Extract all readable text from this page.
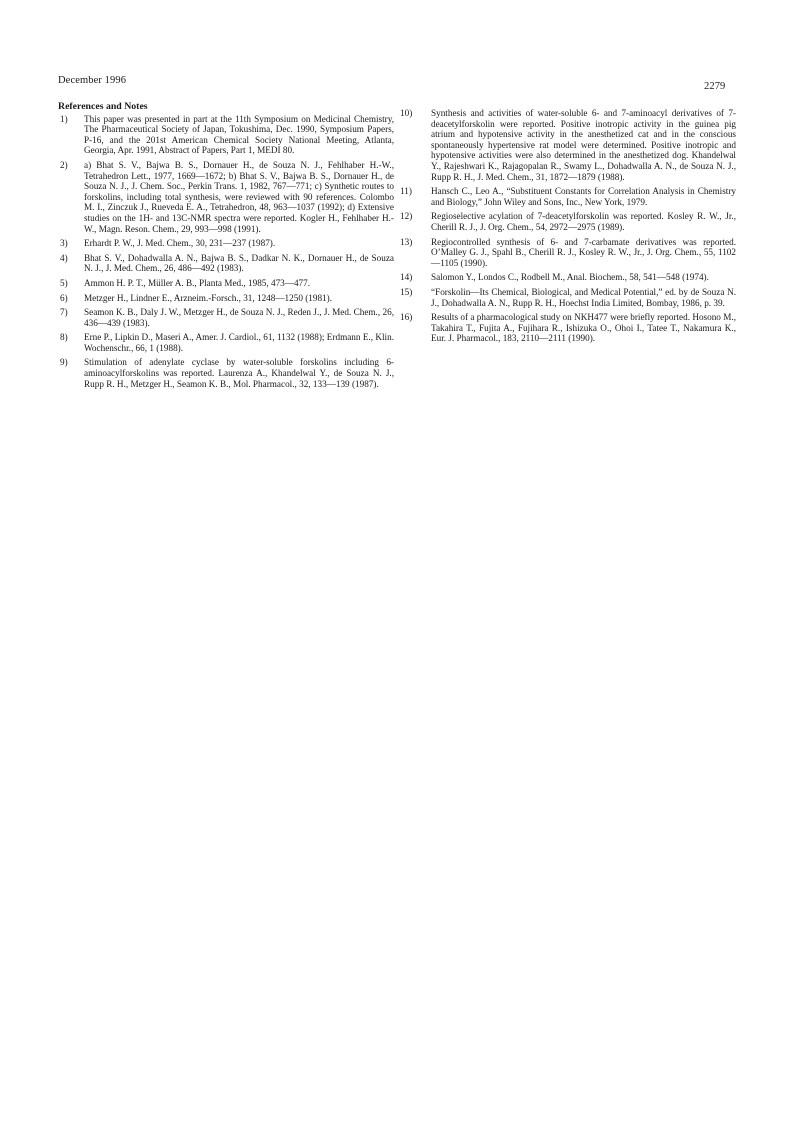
December 1996
2279
References and Notes
1)	This paper was presented in part at the 11th Symposium on Medicinal Chemistry, The Pharmaceutical Society of Japan, Tokushima, Dec. 1990, Symposium Papers, P-16, and the 201st American Chemical Society National Meeting, Atlanta, Georgia, Apr. 1991, Abstract of Papers, Part 1, MEDI 80.
2)	a) Bhat S. V., Bajwa B. S., Dornauer H., de Souza N. J., Fehlhaber H.-W., Tetrahedron Lett., 1977, 1669—1672; b) Bhat S. V., Bajwa B. S., Dornauer H., de Souza N. J., J. Chem. Soc., Perkin Trans. 1, 1982, 767—771; c) Synthetic routes to forskolins, including total synthesis, were reviewed with 90 references. Colombo M. I., Zinczuk J., Rueveda E. A., Tetrahedron, 48, 963—1037 (1992); d) Extensive studies on the 1H- and 13C-NMR spectra were reported. Kogler H., Fehlhaber H.-W., Magn. Reson. Chem., 29, 993—998 (1991).
3)	Erhardt P. W., J. Med. Chem., 30, 231—237 (1987).
4)	Bhat S. V., Dohadwalla A. N., Bajwa B. S., Dadkar N. K., Dornauer H., de Souza N. J., J. Med. Chem., 26, 486—492 (1983).
5)	Ammon H. P. T., Müller A. B., Planta Med., 1985, 473—477.
6)	Metzger H., Lindner E., Arzneim.-Forsch., 31, 1248—1250 (1981).
7)	Seamon K. B., Daly J. W., Metzger H., de Souza N. J., Reden J., J. Med. Chem., 26, 436—439 (1983).
8)	Erne P., Lipkin D., Maseri A., Amer. J. Cardiol., 61, 1132 (1988); Erdmann E., Klin. Wochenschr., 66, 1 (1988).
9)	Stimulation of adenylate cyclase by water-soluble forskolins including 6-aminoacylforskolins was reported. Laurenza A., Khandelwal Y., de Souza N. J., Rupp R. H., Metzger H., Seamon K. B., Mol. Pharmacol., 32, 133—139 (1987).
10)	Synthesis and activities of water-soluble 6- and 7-aminoacyl derivatives of 7-deacetylforskolin were reported. Positive inotropic activity in the guinea pig atrium and hypotensive activity in the anesthetized cat and in the conscious spontaneously hypertensive rat model were determined. Positive inotropic and hypotensive activities were also determined in the anesthetized dog. Khandelwal Y., Rajeshwari K., Rajagopalan R., Swamy L., Dohadwalla A. N., de Souza N. J., Rupp R. H., J. Med. Chem., 31, 1872—1879 (1988).
11)	Hansch C., Leo A., “Substituent Constants for Correlation Analysis in Chemistry and Biology,” John Wiley and Sons, Inc., New York, 1979.
12)	Regioselective acylation of 7-deacetylforskolin was reported. Kosley R. W., Jr., Cherill R. J., J. Org. Chem., 54, 2972—2975 (1989).
13)	Regiocontrolled synthesis of 6- and 7-carbamate derivatives was reported. O’Malley G. J., Spahl B., Cherill R. J., Kosley R. W., Jr., J. Org. Chem., 55, 1102—1105 (1990).
14)	Salomon Y., Londos C., Rodbell M., Anal. Biochem., 58, 541—548 (1974).
15)	“Forskolin—Its Chemical, Biological, and Medical Potential,” ed. by de Souza N. J., Dohadwalla A. N., Rupp R. H., Hoechst India Limited, Bombay, 1986, p. 39.
16)	Results of a pharmacological study on NKH477 were briefly reported. Hosono M., Takahira T., Fujita A., Fujihara R., Ishizuka O., Ohoi I., Tatee T., Nakamura K., Eur. J. Pharmacol., 183, 2110—2111 (1990).
